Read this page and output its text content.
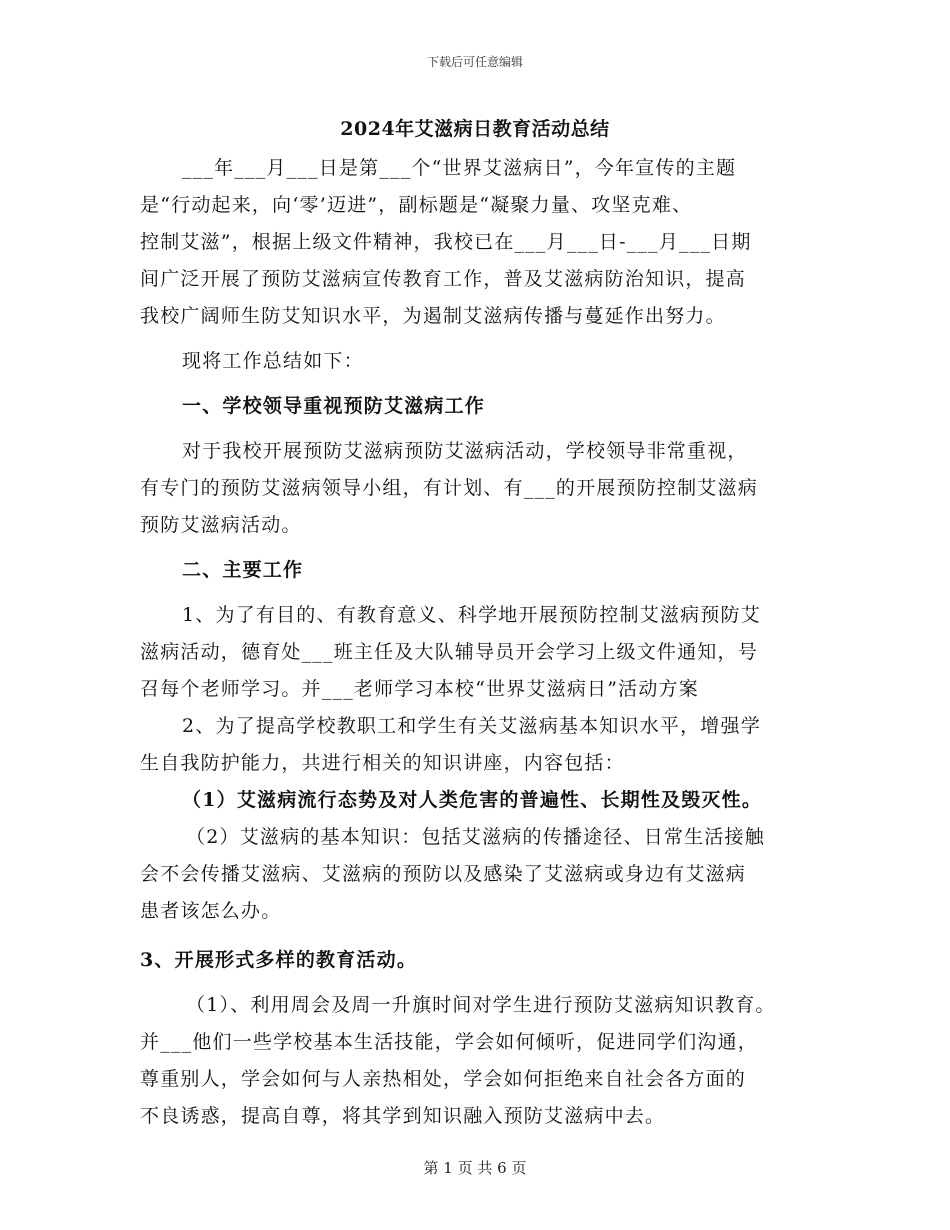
下载后可任意编辑
2024年艾滋病日教育活动总结
___年___月___日是第___个“世界艾滋病日”，今年宣传的主题
是“行动起来，向‘零’迈进”，副标题是“凝聚力量、攻坚克难、
控制艾滋”，根据上级文件精神，我校已在___月___日-___月___日期
间广泛开展了预防艾滋病宣传教育工作，普及艾滋病防治知识，提高
我校广阔师生防艾知识水平，为遏制艾滋病传播与蔓延作出努力。
现将工作总结如下：
一、学校领导重视预防艾滋病工作
对于我校开展预防艾滋病预防艾滋病活动，学校领导非常重视，
有专门的预防艾滋病领导小组，有计划、有___的开展预防控制艾滋病
预防艾滋病活动。
二、主要工作
1、为了有目的、有教育意义、科学地开展预防控制艾滋病预防艾
滋病活动，德育处___班主任及大队辅导员开会学习上级文件通知，号
召每个老师学习。并___老师学习本校“世界艾滋病日”活动方案
2、为了提高学校教职工和学生有关艾滋病基本知识水平，增强学
生自我防护能力，共进行相关的知识讲座，内容包括：
（1）艾滋病流行态势及对人类危害的普遍性、长期性及毁灭性。
（2）艾滋病的基本知识：包括艾滋病的传播途径、日常生活接触
会不会传播艾滋病、艾滋病的预防以及感染了艾滋病或身边有艾滋病
患者该怎么办。
3、开展形式多样的教育活动。
（1）、利用周会及周一升旗时间对学生进行预防艾滋病知识教育。
并___他们一些学校基本生活技能，学会如何倾听，促进同学们沟通，
尊重别人，学会如何与人亲热相处，学会如何拒绝来自社会各方面的
不良诱惑，提高自尊，将其学到知识融入预防艾滋病中去。
第 1 页 共 6 页
